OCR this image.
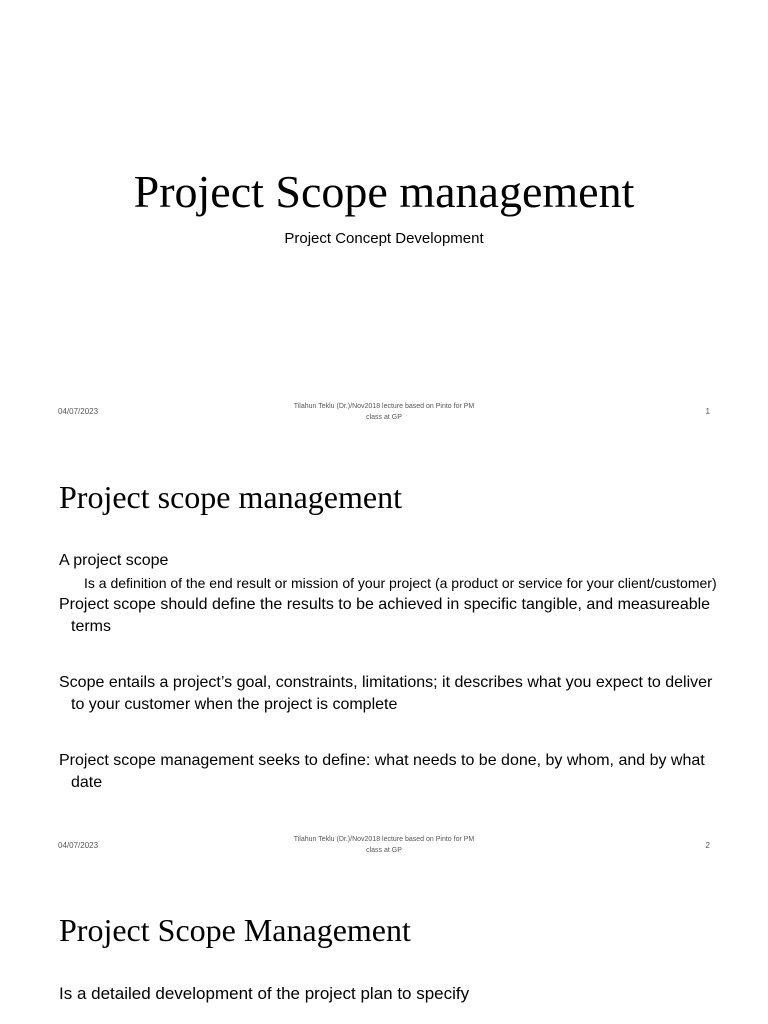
Project Scope management
Project Concept Development
04/07/2023
Tilahun Teklu (Dr.)/Nov2018 lecture based on Pinto for PM
class at GP
1
Project scope management

A project scope

Is a definition of the end result or mission of your project (a product or service for your client/customer)

Project scope should define the results to be achieved in specific tangible, and measureable terms

Scope entails a project’s goal, constraints, limitations; it describes what you expect to deliver to your customer when the project is complete

Project scope management seeks to define: what needs to be done, by whom, and by what date

04/07/2023
Tilahun Teklu (Dr.)/Nov2018 lecture based on Pinto for PM
class at GP
2
Project Scope Management

Is a detailed development of the project plan to specify
